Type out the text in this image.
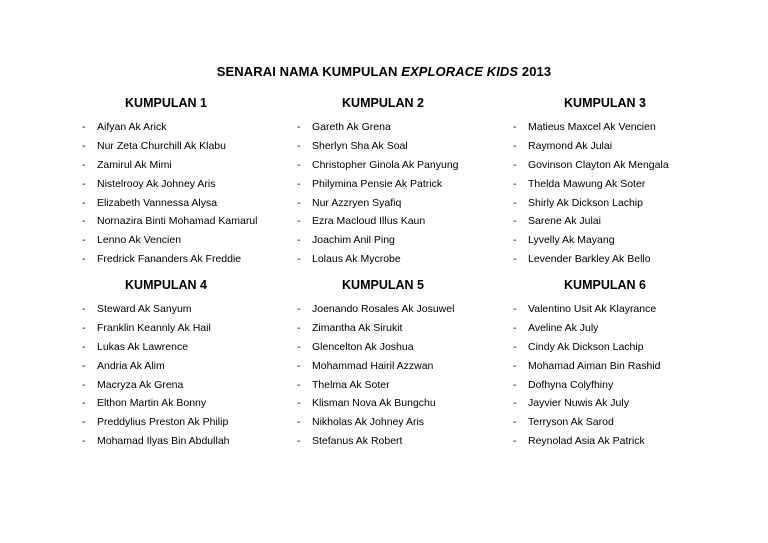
SENARAI NAMA KUMPULAN EXPLORACE KIDS 2013
KUMPULAN 1
- Aifyan Ak Arick
- Nur Zeta Churchill Ak Klabu
- Zamirul Ak Mimi
- Nistelrooy Ak Johney Aris
- Elizabeth Vannessa Alysa
- Nornazira Binti Mohamad Kamarul
- Lenno Ak Vencien
- Fredrick Fananders Ak Freddie
KUMPULAN 2
- Gareth Ak Grena
- Sherlyn Sha Ak Soal
- Christopher Ginola Ak Panyung
- Philymina Pensie Ak Patrick
- Nur Azzryen Syafiq
- Ezra Macloud Illus Kaun
- Joachim Anil Ping
- Lolaus Ak Mycrobe
KUMPULAN 3
- Matieus Maxcel Ak Vencien
- Raymond Ak Julai
- Govinson Clayton Ak Mengala
- Thelda Mawung Ak Soter
- Shirly Ak Dickson Lachip
- Sarene Ak Julai
- Lyvelly Ak Mayang
- Levender Barkley Ak Bello
KUMPULAN 4
- Steward Ak Sanyum
- Franklin Keannly Ak Hail
- Lukas Ak Lawrence
- Andria Ak Alim
- Macryza Ak Grena
- Elthon Martin Ak Bonny
- Preddylius Preston Ak Philip
- Mohamad Ilyas Bin Abdullah
KUMPULAN 5
- Joenando Rosales Ak Josuwel
- Zimantha Ak Sirukit
- Glencelton Ak Joshua
- Mohammad Hairil Azzwan
- Thelma Ak Soter
- Klisman Nova Ak Bungchu
- Nikholas Ak Johney Aris
- Stefanus Ak Robert
KUMPULAN 6
- Valentino Usit Ak Klayrance
- Aveline Ak July
- Cindy Ak Dickson Lachip
- Mohamad Aiman Bin Rashid
- Dofhyna Colyfhiny
- Jayvier Nuwis Ak July
- Terryson Ak Sarod
- Reynolad Asia Ak Patrick
